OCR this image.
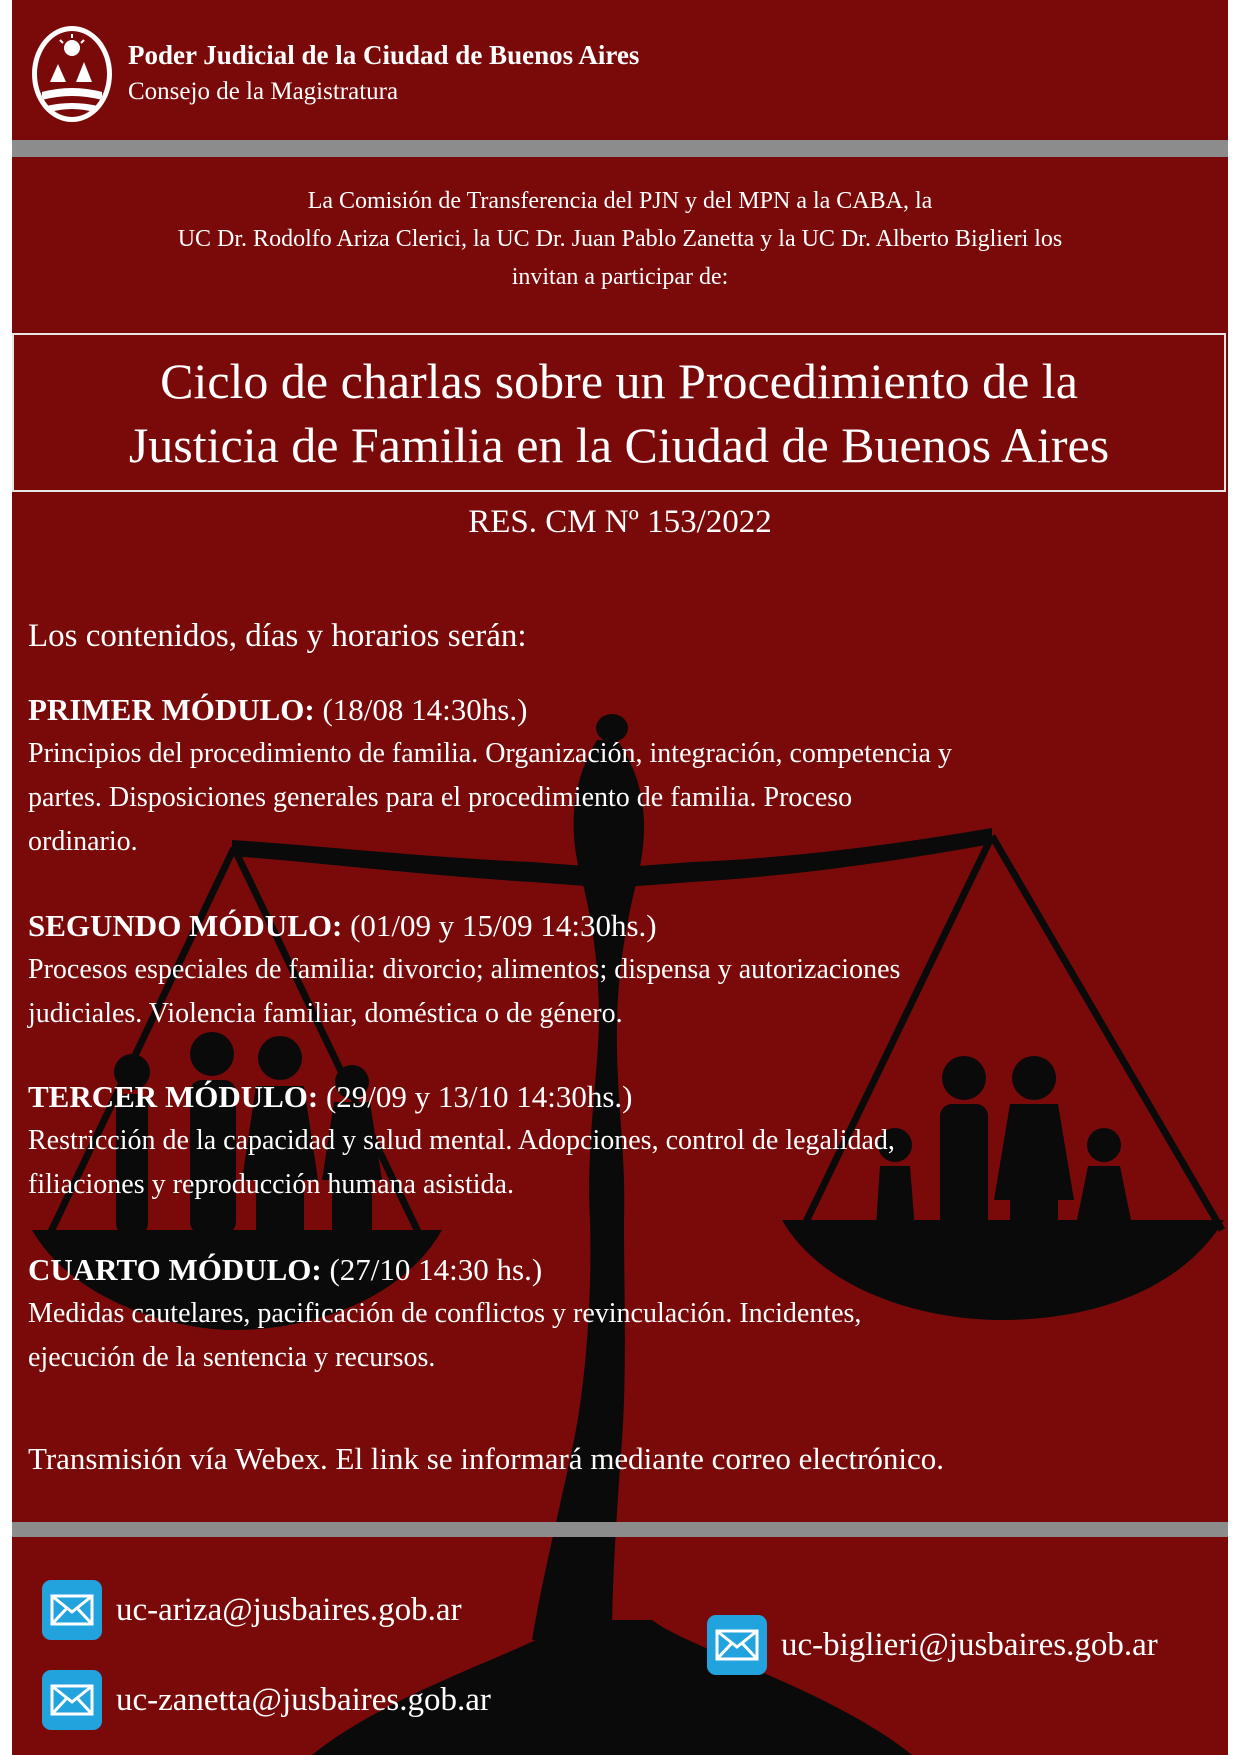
Poder Judicial de la Ciudad de Buenos Aires
Consejo de la Magistratura
La Comisión de Transferencia del PJN y del MPN a la CABA, la
UC Dr. Rodolfo Ariza Clerici, la UC Dr. Juan Pablo Zanetta y la UC Dr. Alberto Biglieri los
invitan a participar de:
Ciclo de charlas sobre un Procedimiento de la
Justicia de Familia en la Ciudad de Buenos Aires
RES. CM Nº 153/2022
Los contenidos, días y horarios serán:
PRIMER MÓDULO: (18/08 14:30hs.)
Principios del procedimiento de familia. Organización, integración, competencia y
partes. Disposiciones generales para el procedimiento de familia. Proceso
ordinario.
SEGUNDO MÓDULO: (01/09 y 15/09 14:30hs.)
Procesos especiales de familia: divorcio; alimentos; dispensa y autorizaciones
judiciales. Violencia familiar, doméstica o de género.
TERCER MÓDULO: (29/09 y 13/10 14:30hs.)
Restricción de la capacidad y salud mental. Adopciones, control de legalidad,
filiaciones y reproducción humana asistida.
CUARTO MÓDULO: (27/10 14:30 hs.)
Medidas cautelares, pacificación de conflictos y revinculación. Incidentes,
ejecución de la sentencia y recursos.
Transmisión vía Webex. El link se informará mediante correo electrónico.
uc-ariza@jusbaires.gob.ar
uc-zanetta@jusbaires.gob.ar
uc-biglieri@jusbaires.gob.ar
